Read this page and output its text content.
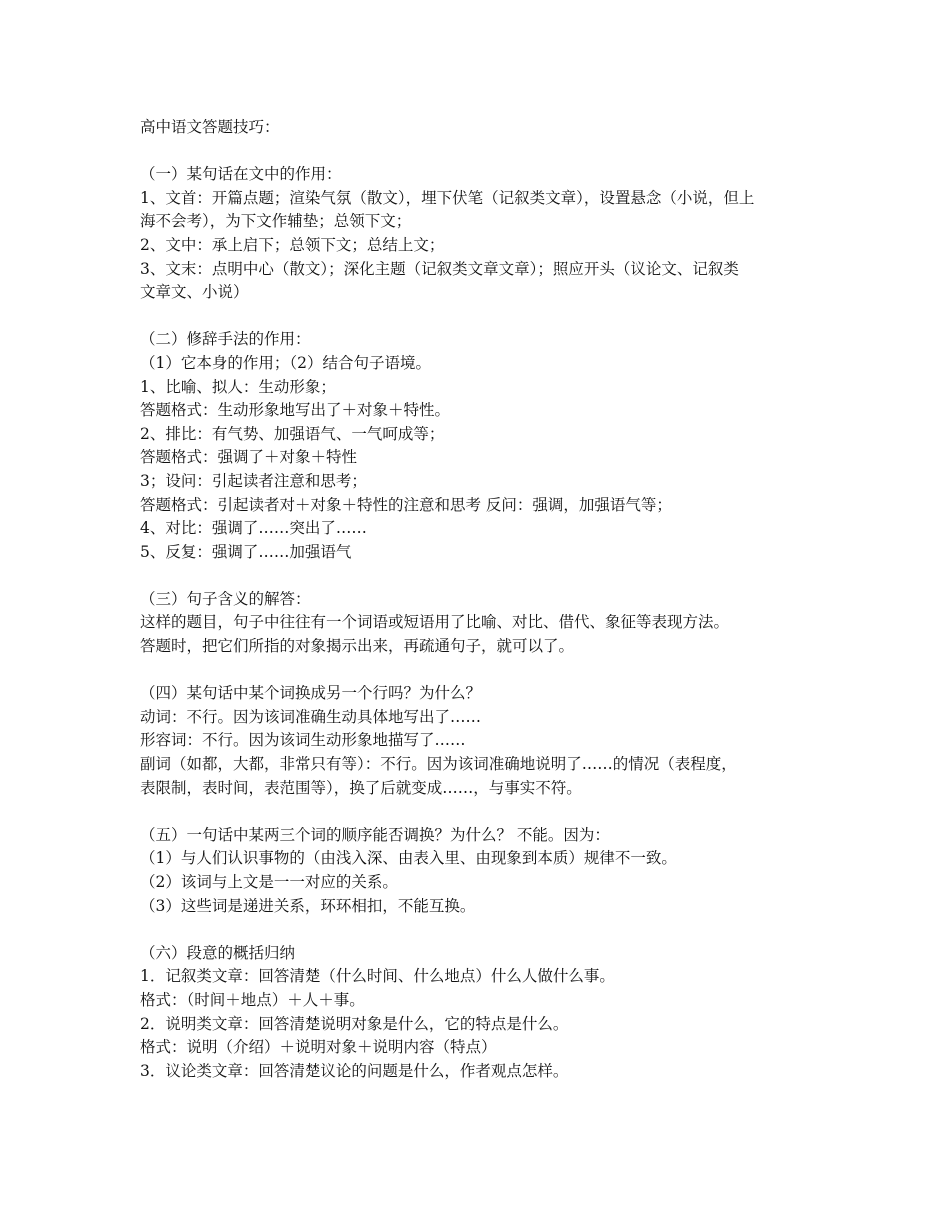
高中语文答题技巧：
（一）某句话在文中的作用：
1、文首：开篇点题；渲染气氛（散文），埋下伏笔（记叙类文章），设置悬念（小说，但上
海不会考），为下文作辅垫；总领下文；
2、文中：承上启下；总领下文；总结上文；
3、文末：点明中心（散文）；深化主题（记叙类文章文章）；照应开头（议论文、记叙类
文章文、小说）
（二）修辞手法的作用：
（1）它本身的作用；（2）结合句子语境。
1、比喻、拟人：生动形象；
答题格式：生动形象地写出了＋对象＋特性。
2、排比：有气势、加强语气、一气呵成等；
答题格式：强调了＋对象＋特性
3；设问：引起读者注意和思考；
答题格式：引起读者对＋对象＋特性的注意和思考 反问：强调，加强语气等；
4、对比：强调了……突出了……
5、反复：强调了……加强语气
（三）句子含义的解答：
这样的题目，句子中往往有一个词语或短语用了比喻、对比、借代、象征等表现方法。
答题时，把它们所指的对象揭示出来，再疏通句子，就可以了。
（四）某句话中某个词换成另一个行吗？为什么？
动词：不行。因为该词准确生动具体地写出了……
形容词：不行。因为该词生动形象地描写了……
副词（如都，大都，非常只有等）：不行。因为该词准确地说明了……的情况（表程度，
表限制，表时间，表范围等），换了后就变成……，与事实不符。
（五）一句话中某两三个词的顺序能否调换？为什么？ 不能。因为：
（1）与人们认识事物的（由浅入深、由表入里、由现象到本质）规律不一致。
（2）该词与上文是一一对应的关系。
（3）这些词是递进关系，环环相扣，不能互换。
（六）段意的概括归纳
1．记叙类文章：回答清楚（什么时间、什么地点）什么人做什么事。
格式：（时间＋地点）＋人＋事。
2．说明类文章：回答清楚说明对象是什么，它的特点是什么。
格式：说明（介绍）＋说明对象＋说明内容（特点）
3．议论类文章：回答清楚议论的问题是什么，作者观点怎样。
